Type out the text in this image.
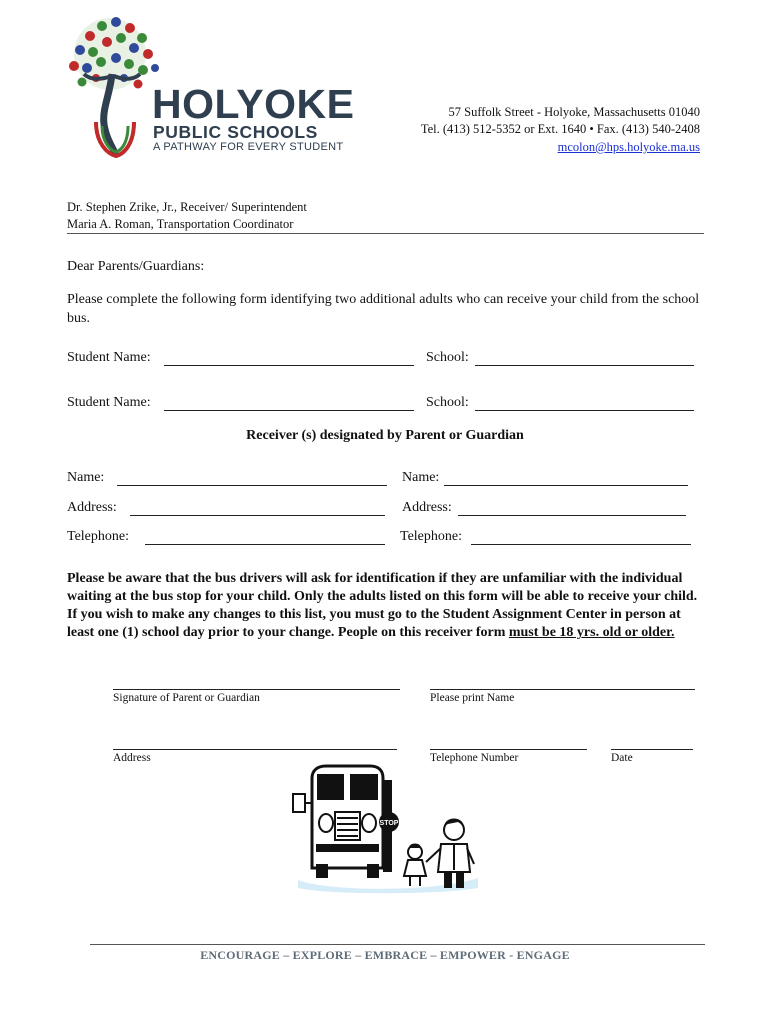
HOLYOKE
PUBLIC SCHOOLS
A PATHWAY FOR EVERY STUDENT
57 Suffolk Street - Holyoke, Massachusetts 01040
Tel. (413) 512-5352 or Ext. 1640 • Fax. (413) 540-2408
mcolon@hps.holyoke.ma.us
Dr. Stephen Zrike, Jr., Receiver/ Superintendent
Maria A. Roman, Transportation Coordinator
Dear Parents/Guardians:
Please complete the following form identifying two additional adults who can receive your child from the school bus.
Student Name:	School:
Student Name:	School:
Receiver (s) designated by Parent or Guardian
Name:	Name:
Address:	Address:
Telephone:	Telephone:
Please be aware that the bus drivers will ask for identification if they are unfamiliar with the individual waiting at the bus stop for your child. Only the adults listed on this form will be able to receive your child. If you wish to make any changes to this list, you must go to the Student Assignment Center in person at least one (1) school day prior to your change. People on this receiver form must be 18 yrs. old or older.
Signature of Parent or Guardian	Please print Name
Address	Telephone Number	Date
STOP
ENCOURAGE – EXPLORE – EMBRACE – EMPOWER - ENGAGE
